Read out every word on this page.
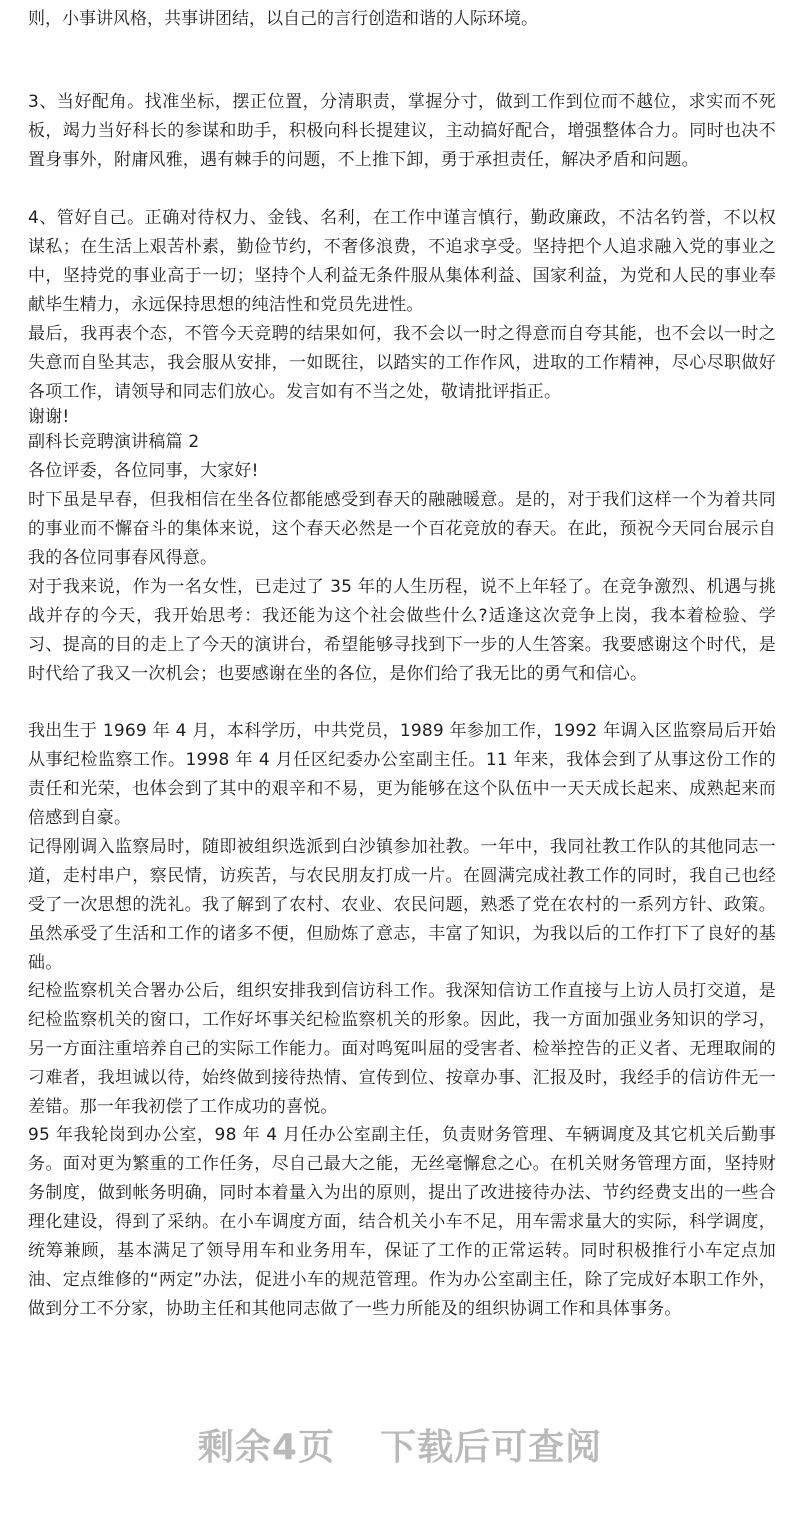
则，小事讲风格，共事讲团结，以自己的言行创造和谐的人际环境。

3、当好配角。找准坐标，摆正位置，分清职责，掌握分寸，做到工作到位而不越位，求实而不死板，竭力当好科长的参谋和助手，积极向科长提建议，主动搞好配合，增强整体合力。同时也决不置身事外，附庸风雅，遇有棘手的问题，不上推下卸，勇于承担责任，解决矛盾和问题。

4、管好自己。正确对待权力、金钱、名利，在工作中谨言慎行，勤政廉政，不沽名钓誉，不以权谋私；在生活上艰苦朴素，勤俭节约，不奢侈浪费，不追求享受。坚持把个人追求融入党的事业之中，坚持党的事业高于一切；坚持个人利益无条件服从集体利益、国家利益，为党和人民的事业奉献毕生精力，永远保持思想的纯洁性和党员先进性。

最后，我再表个态，不管今天竞聘的结果如何，我不会以一时之得意而自夸其能，也不会以一时之失意而自坠其志，我会服从安排，一如既往，以踏实的工作作风，进取的工作精神，尽心尽职做好各项工作，请领导和同志们放心。发言如有不当之处，敬请批评指正。

谢谢!

副科长竞聘演讲稿篇 2

各位评委，各位同事，大家好!

时下虽是早春，但我相信在坐各位都能感受到春天的融融暖意。是的，对于我们这样一个为着共同的事业而不懈奋斗的集体来说，这个春天必然是一个百花竞放的春天。在此，预祝今天同台展示自我的各位同事春风得意。

对于我来说，作为一名女性，已走过了 35 年的人生历程，说不上年轻了。在竞争激烈、机遇与挑战并存的今天，我开始思考：我还能为这个社会做些什么?适逢这次竞争上岗，我本着检验、学习、提高的目的走上了今天的演讲台，希望能够寻找到下一步的人生答案。我要感谢这个时代，是时代给了我又一次机会；也要感谢在坐的各位，是你们给了我无比的勇气和信心。

我出生于 1969 年 4 月，本科学历，中共党员，1989 年参加工作，1992 年调入区监察局后开始从事纪检监察工作。1998 年 4 月任区纪委办公室副主任。11 年来，我体会到了从事这份工作的责任和光荣，也体会到了其中的艰辛和不易，更为能够在这个队伍中一天天成长起来、成熟起来而倍感到自豪。

记得刚调入监察局时，随即被组织选派到白沙镇参加社教。一年中，我同社教工作队的其他同志一道，走村串户，察民情，访疾苦，与农民朋友打成一片。在圆满完成社教工作的同时，我自己也经受了一次思想的洗礼。我了解到了农村、农业、农民问题，熟悉了党在农村的一系列方针、政策。虽然承受了生活和工作的诸多不便，但励炼了意志，丰富了知识，为我以后的工作打下了良好的基础。

纪检监察机关合署办公后，组织安排我到信访科工作。我深知信访工作直接与上访人员打交道，是纪检监察机关的窗口，工作好坏事关纪检监察机关的形象。因此，我一方面加强业务知识的学习，另一方面注重培养自己的实际工作能力。面对鸣冤叫屈的受害者、检举控告的正义者、无理取闹的刁难者，我坦诚以待，始终做到接待热情、宣传到位、按章办事、汇报及时，我经手的信访件无一差错。那一年我初偿了工作成功的喜悦。

95 年我轮岗到办公室，98 年 4 月任办公室副主任，负责财务管理、车辆调度及其它机关后勤事务。面对更为繁重的工作任务，尽自己最大之能，无丝毫懈怠之心。在机关财务管理方面，坚持财务制度，做到帐务明确，同时本着量入为出的原则，提出了改进接待办法、节约经费支出的一些合理化建设，得到了采纳。在小车调度方面，结合机关小车不足，用车需求量大的实际，科学调度，统筹兼顾，基本满足了领导用车和业务用车，保证了工作的正常运转。同时积极推行小车定点加油、定点维修的“两定”办法，促进小车的规范管理。作为办公室副主任，除了完成好本职工作外，做到分工不分家，协助主任和其他同志做了一些力所能及的组织协调工作和具体事务。

剩余4页 下载后可查阅
